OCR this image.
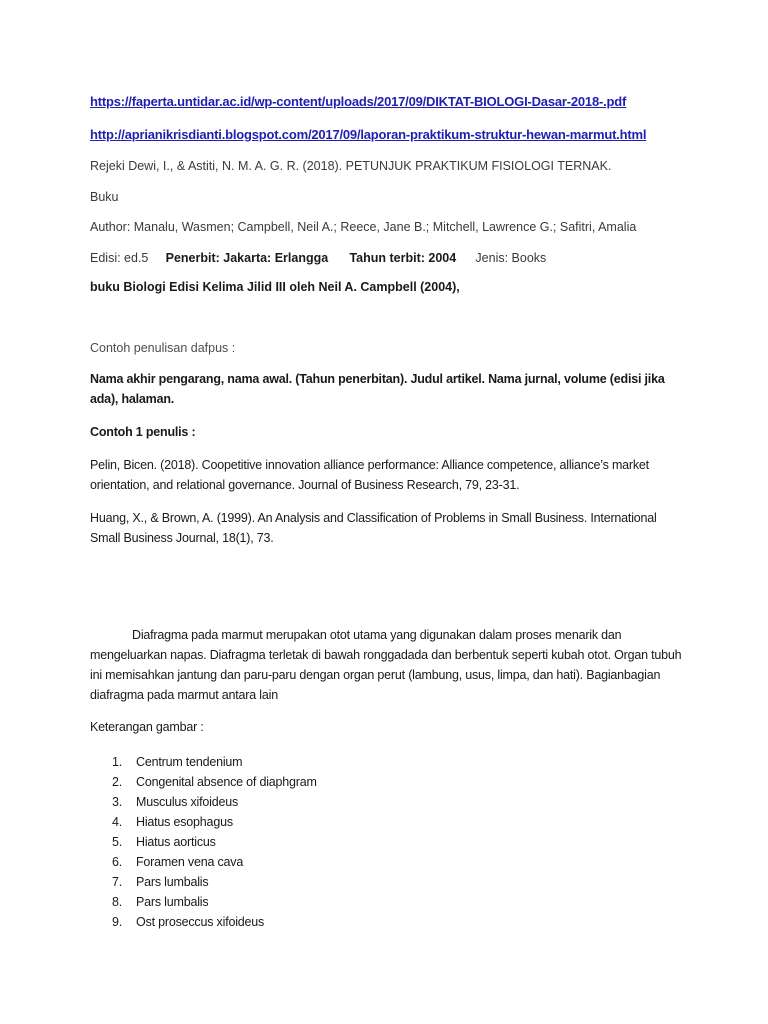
https://faperta.untidar.ac.id/wp-content/uploads/2017/09/DIKTAT-BIOLOGI-Dasar-2018-.pdf
http://aprianikrisdianti.blogspot.com/2017/09/laporan-praktikum-struktur-hewan-marmut.html
Rejeki Dewi, I., & Astiti, N. M. A. G. R. (2018). PETUNJUK PRAKTIKUM FISIOLOGI TERNAK.
Buku
Author: Manalu, Wasmen; Campbell, Neil A.; Reece, Jane B.; Mitchell, Lawrence G.; Safitri, Amalia
Edisi: ed.5 Penerbit: Jakarta: Erlangga Tahun terbit: 2004 Jenis: Books
buku Biologi Edisi Kelima Jilid III oleh Neil A. Campbell (2004),
Contoh penulisan dafpus :
Nama akhir pengarang, nama awal. (Tahun penerbitan). Judul artikel. Nama jurnal, volume (edisi jika ada), halaman.
Contoh 1 penulis :
Pelin, Bicen. (2018). Coopetitive innovation alliance performance: Alliance competence, alliance’s market orientation, and relational governance. Journal of Business Research, 79, 23-31.
Huang, X., & Brown, A. (1999). An Analysis and Classification of Problems in Small Business. International Small Business Journal, 18(1), 73.
Diafragma pada marmut merupakan otot utama yang digunakan dalam proses menarik dan mengeluarkan napas. Diafragma terletak di bawah ronggadada dan berbentuk seperti kubah otot. Organ tubuh ini memisahkan jantung dan paru-paru dengan organ perut (lambung, usus, limpa, dan hati). Bagianbagian diafragma pada marmut antara lain
Keterangan gambar :
1.	Centrum tendenium
2.	Congenital absence of diaphgram
3.	Musculus xifoideus
4.	Hiatus esophagus
5.	Hiatus aorticus
6.	Foramen vena cava
7.	Pars lumbalis
8.	Pars lumbalis
9.	Ost proseccus xifoideus
